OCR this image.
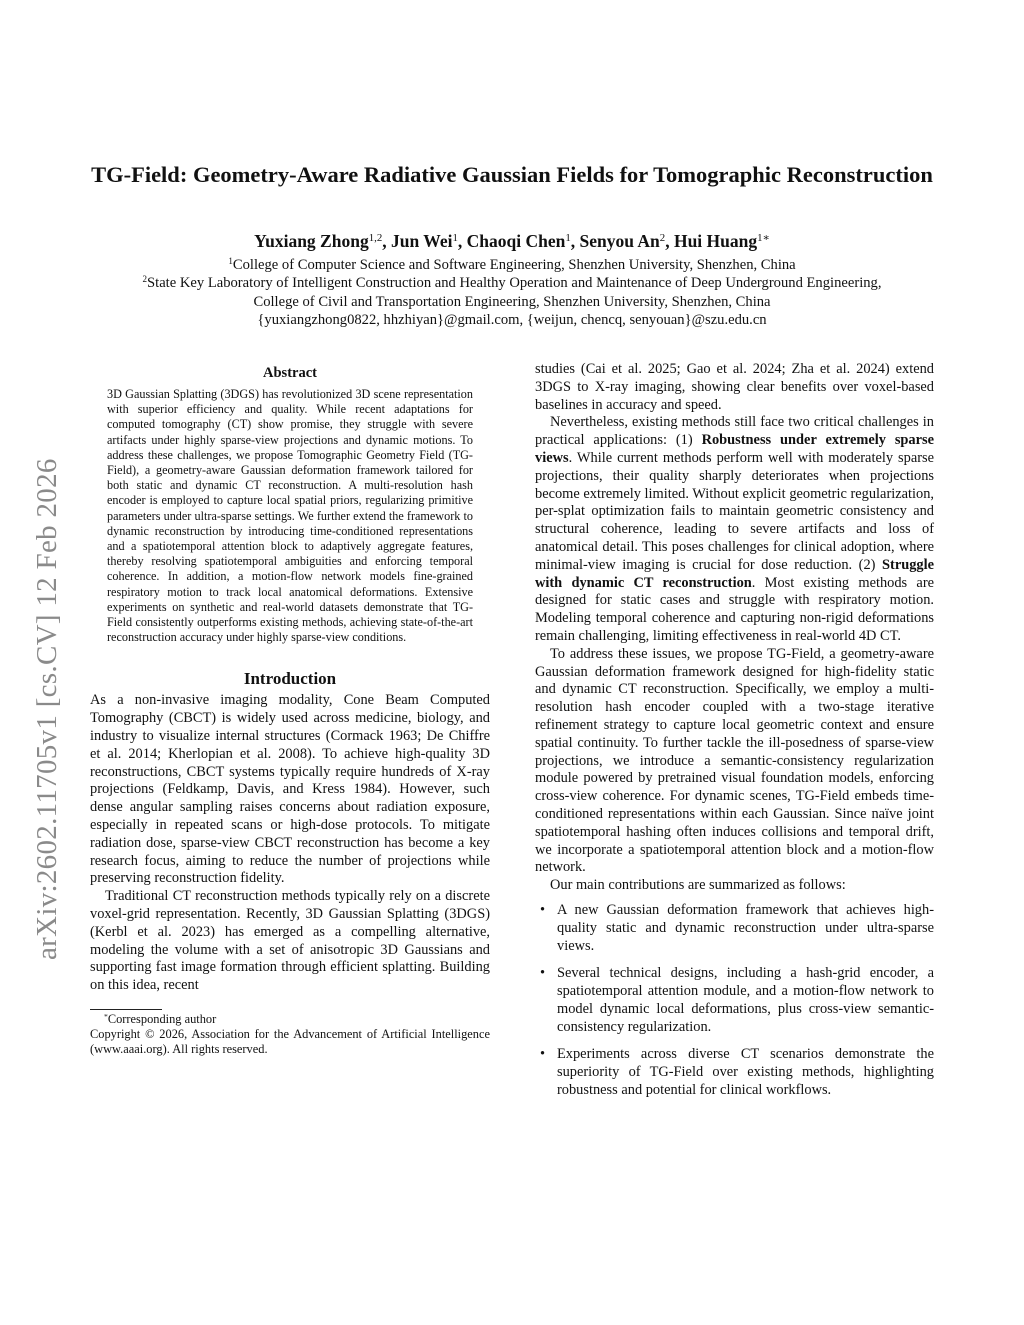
arXiv:2602.11705v1 [cs.CV] 12 Feb 2026
TG-Field: Geometry-Aware Radiative Gaussian Fields for Tomographic Reconstruction
Yuxiang Zhong$^{1,2}$, Jun Wei$^1$, Chaoqi Chen$^1$, Senyou An$^2$, Hui Huang$^{1∗}$
$^1$College of Computer Science and Software Engineering, Shenzhen University, Shenzhen, China
$^2$State Key Laboratory of Intelligent Construction and Healthy Operation and Maintenance of Deep Underground Engineering,
College of Civil and Transportation Engineering, Shenzhen University, Shenzhen, China
{yuxiangzhong0822, hhzhiyan}@gmail.com, {weijun, chencq, senyouan}@szu.edu.cn
Abstract
3D Gaussian Splatting (3DGS) has revolutionized 3D scene representation with superior efficiency and quality. While recent adaptations for computed tomography (CT) show promise, they struggle with severe artifacts under highly sparse-view projections and dynamic motions. To address these challenges, we propose Tomographic Geometry Field (TG-Field), a geometry-aware Gaussian deformation framework tailored for both static and dynamic CT reconstruction. A multi-resolution hash encoder is employed to capture local spatial priors, regularizing primitive parameters under ultra-sparse settings. We further extend the framework to dynamic reconstruction by introducing time-conditioned representations and a spatiotemporal attention block to adaptively aggregate features, thereby resolving spatiotemporal ambiguities and enforcing temporal coherence. In addition, a motion-flow network models fine-grained respiratory motion to track local anatomical deformations. Extensive experiments on synthetic and real-world datasets demonstrate that TG-Field consistently outperforms existing methods, achieving state-of-the-art reconstruction accuracy under highly sparse-view conditions.
Introduction

As a non-invasive imaging modality, Cone Beam Computed Tomography (CBCT) is widely used across medicine, biology, and industry to visualize internal structures (Cormack 1963; De Chiffre et al. 2014; Kherlopian et al. 2008). To achieve high-quality 3D reconstructions, CBCT systems typically require hundreds of X-ray projections (Feldkamp, Davis, and Kress 1984). However, such dense angular sampling raises concerns about radiation exposure, especially in repeated scans or high-dose protocols. To mitigate radiation dose, sparse-view CBCT reconstruction has become a key research focus, aiming to reduce the number of projections while preserving reconstruction fidelity.

Traditional CT reconstruction methods typically rely on a discrete voxel-grid representation. Recently, 3D Gaussian Splatting (3DGS) (Kerbl et al. 2023) has emerged as a compelling alternative, modeling the volume with a set of anisotropic 3D Gaussians and supporting fast image formation through efficient splatting. Building on this idea, recent

*Corresponding author
Copyright © 2026, Association for the Advancement of Artificial Intelligence (www.aaai.org). All rights reserved.

studies (Cai et al. 2025; Gao et al. 2024; Zha et al. 2024) extend 3DGS to X-ray imaging, showing clear benefits over voxel-based baselines in accuracy and speed.

Nevertheless, existing methods still face two critical challenges in practical applications: (1) Robustness under extremely sparse views. While current methods perform well with moderately sparse projections, their quality sharply deteriorates when projections become extremely limited. Without explicit geometric regularization, per-splat optimization fails to maintain geometric consistency and structural coherence, leading to severe artifacts and loss of anatomical detail. This poses challenges for clinical adoption, where minimal-view imaging is crucial for dose reduction. (2) Struggle with dynamic CT reconstruction. Most existing methods are designed for static cases and struggle with respiratory motion. Modeling temporal coherence and capturing non-rigid deformations remain challenging, limiting effectiveness in real-world 4D CT.

To address these issues, we propose TG-Field, a geometry-aware Gaussian deformation framework designed for high-fidelity static and dynamic CT reconstruction. Specifically, we employ a multi-resolution hash encoder coupled with a two-stage iterative refinement strategy to capture local geometric context and ensure spatial continuity. To further tackle the ill-posedness of sparse-view projections, we introduce a semantic-consistency regularization module powered by pretrained visual foundation models, enforcing cross-view coherence. For dynamic scenes, TG-Field embeds time-conditioned representations within each Gaussian. Since naïve joint spatiotemporal hashing often induces collisions and temporal drift, we incorporate a spatiotemporal attention block and a motion-flow network.

Our main contributions are summarized as follows:

• A new Gaussian deformation framework that achieves high-quality static and dynamic reconstruction under ultra-sparse views.
• Several technical designs, including a hash-grid encoder, a spatiotemporal attention module, and a motion-flow network to model dynamic local deformations, plus cross-view semantic-consistency regularization.
• Experiments across diverse CT scenarios demonstrate the superiority of TG-Field over existing methods, highlighting robustness and potential for clinical workflows.
